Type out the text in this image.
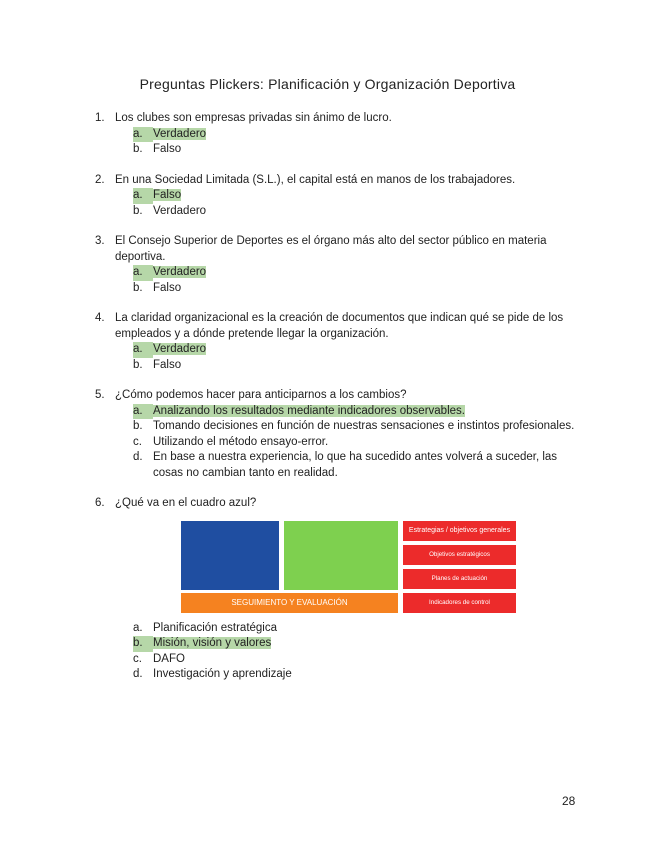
Preguntas Plickers: Planificación y Organización Deportiva
1. Los clubes son empresas privadas sin ánimo de lucro.
a. Verdadero
b. Falso
2. En una Sociedad Limitada (S.L.), el capital está en manos de los trabajadores.
a. Falso
b. Verdadero
3. El Consejo Superior de Deportes es el órgano más alto del sector público en materia deportiva.
a. Verdadero
b. Falso
4. La claridad organizacional es la creación de documentos que indican qué se pide de los empleados y a dónde pretende llegar la organización.
a. Verdadero
b. Falso
5. ¿Cómo podemos hacer para anticiparnos a los cambios?
a. Analizando los resultados mediante indicadores observables.
b. Tomando decisiones en función de nuestras sensaciones e instintos profesionales.
c. Utilizando el método ensayo-error.
d. En base a nuestra experiencia, lo que ha sucedido antes volverá a suceder, las cosas no cambian tanto en realidad.
6. ¿Qué va en el cuadro azul?
SEGUIMIENTO Y EVALUACIÓN
Estrategias / objetivos generales
Objetivos estratégicos
Planes de actuación
Indicadores de control
a. Planificación estratégica
b. Misión, visión y valores
c. DAFO
d. Investigación y aprendizaje
28
